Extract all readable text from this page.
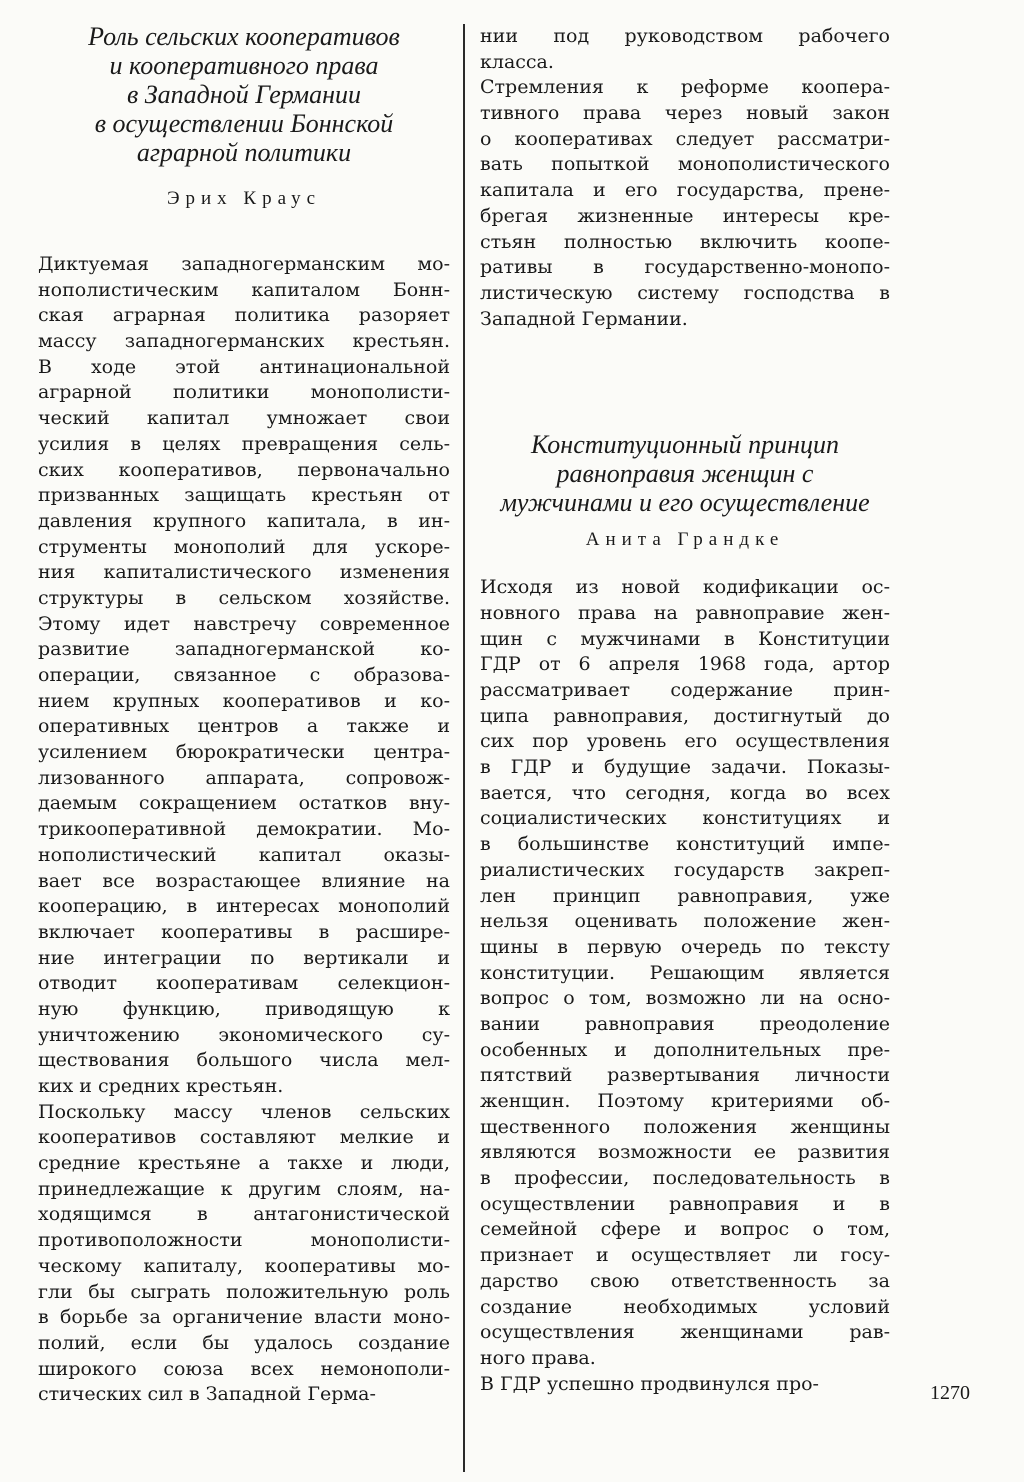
Роль сельских кооперативов
и кооперативного права
в Западной Германии
в осуществлении Боннской
аграрной политики
Эрих Краус
Диктуемая западногерманским мо-
нополистическим капиталом Бонн-
ская аграрная политика разоряет
массу западногерманских крестьян.
В ходе этой антинациональной
аграрной политики монополисти-
ческий капитал умножает свои
усилия в целях превращения сель-
ских кооперативов, первоначально
призванных защищать крестьян от
давления крупного капитала, в ин-
струменты монополий для ускоре-
ния капиталистического изменения
структуры в сельском хозяйстве.
Этому идет навстречу современное
развитие западногерманской ко-
операции, связанное с образова-
нием крупных кооперативов и ко-
оперативных центров а также и
усилением бюрократически центра-
лизованного аппарата, сопровож-
даемым сокращением остатков вну-
трикооперативной демократии. Мо-
нополистический капитал оказы-
вает все возрастающее влияние на
кооперацию, в интересах монополий
включает кооперативы в расшире-
ние интеграции по вертикали и
отводит кооперативам селекцион-
ную функцию, приводящую к
уничтожению экономического су-
ществования большого числа мел-
ких и средних крестьян.
Поскольку массу членов сельских
кооперативов составляют мелкие и
средние крестьяне а такхе и люди,
принедлежащие к другим слоям, на-
ходящимся в антагонистической
противоположности монополисти-
ческому капиталу, кооперативы мо-
гли бы сыграть положительную роль
в борьбе за органичение власти моно-
полий, если бы удалось создание
широкого союза всех немонополи-
стических сил в Западной Герма-
нии под руководством рабочего
класса.
Стремления к реформе коопера-
тивного права через новый закон
о кооперативах следует рассматри-
вать попыткой монополистического
капитала и его государства, прене-
брегая жизненные интересы кре-
стьян полностью включить коопе-
ративы в государственно-монопо-
листическую систему господства в
Западной Германии.
Конституционный принцип
равноправия женщин с
мужчинами и его осуществление
Анита Грандке
Исходя из новой кодификации ос-
новного права на равноправие жен-
щин с мужчинами в Конституции
ГДР от 6 апреля 1968 года, артор
рассматривает содержание прин-
ципа равноправия, достигнутый до
сих пор уровень его осуществления
в ГДР и будущие задачи. Показы-
вается, что сегодня, когда во всех
социалистических конституциях и
в большинстве конституций импе-
риалистических государств закреп-
лен принцип равноправия, уже
нельзя оценивать положение жен-
щины в первую очередь по тексту
конституции. Решающим является
вопрос о том, возможно ли на осно-
вании равноправия преодоление
особенных и дополнительных пре-
пятствий развертывания личности
женщин. Поэтому критериями об-
щественного положения женщины
являются возможности ее развития
в профессии, последовательность в
осуществлении равноправия и в
семейной сфере и вопрос о том,
признает и осуществляет ли госу-
дарство свою ответственность за
создание необходимых условий
осуществления женщинами рав-
ного права.
В ГДР успешно продвинулся про-	1270
